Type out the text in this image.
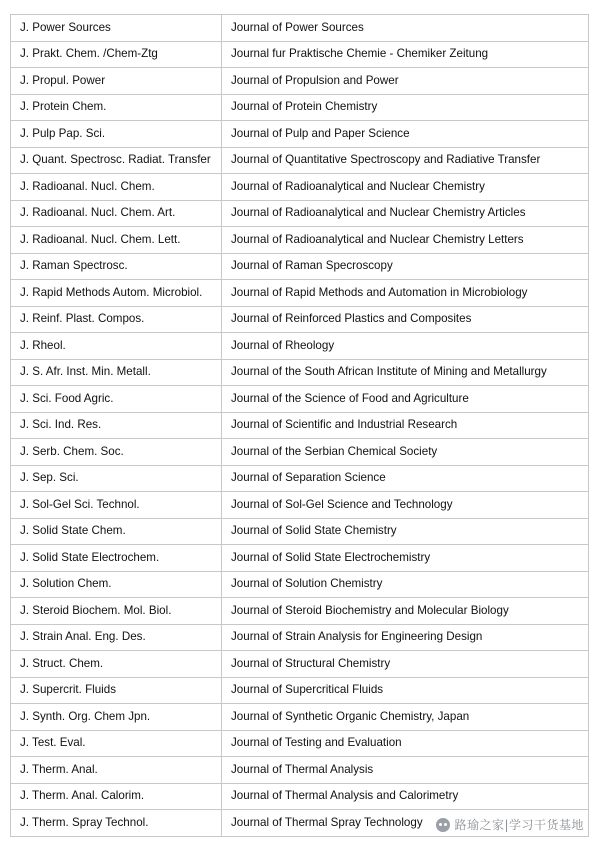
J. Power Sources	Journal of Power Sources
J. Prakt. Chem. /Chem-Ztg	Journal fur Praktische Chemie - Chemiker Zeitung
J. Propul. Power	Journal of Propulsion and Power
J. Protein Chem.	Journal of Protein Chemistry
J. Pulp Pap. Sci.	Journal of Pulp and Paper Science
J. Quant. Spectrosc. Radiat. Transfer	Journal of Quantitative Spectroscopy and Radiative Transfer
J. Radioanal. Nucl. Chem.	Journal of Radioanalytical and Nuclear Chemistry
J. Radioanal. Nucl. Chem. Art.	Journal of Radioanalytical and Nuclear Chemistry Articles
J. Radioanal. Nucl. Chem. Lett.	Journal of Radioanalytical and Nuclear Chemistry Letters
J. Raman Spectrosc.	Journal of Raman Specroscopy
J. Rapid Methods Autom. Microbiol.	Journal of Rapid Methods and Automation in Microbiology
J. Reinf. Plast. Compos.	Journal of Reinforced Plastics and Composites
J. Rheol.	Journal of Rheology
J. S. Afr. Inst. Min. Metall.	Journal of the South African Institute of Mining and Metallurgy
J. Sci. Food Agric.	Journal of the Science of Food and Agriculture
J. Sci. Ind. Res.	Journal of Scientific and Industrial Research
J. Serb. Chem. Soc.	Journal of the Serbian Chemical Society
J. Sep. Sci.	Journal of Separation Science
J. Sol-Gel Sci. Technol.	Journal of Sol-Gel Science and Technology
J. Solid State Chem.	Journal of Solid State Chemistry
J. Solid State Electrochem.	Journal of Solid State Electrochemistry
J. Solution Chem.	Journal of Solution Chemistry
J. Steroid Biochem. Mol. Biol.	Journal of Steroid Biochemistry and Molecular Biology
J. Strain Anal. Eng. Des.	Journal of Strain Analysis for Engineering Design
J. Struct. Chem.	Journal of Structural Chemistry
J. Supercrit. Fluids	Journal of Supercritical Fluids
J. Synth. Org. Chem Jpn.	Journal of Synthetic Organic Chemistry, Japan
J. Test. Eval.	Journal of Testing and Evaluation
J. Therm. Anal.	Journal of Thermal Analysis
J. Therm. Anal. Calorim.	Journal of Thermal Analysis and Calorimetry
J. Therm. Spray Technol.	Journal of Thermal Spray Technology	路瑜之家|学习干货基地
